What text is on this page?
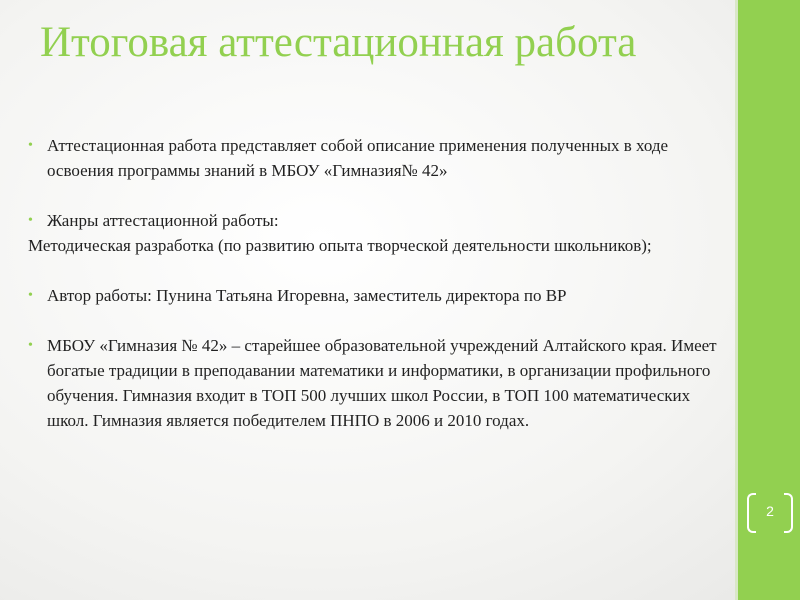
Итоговая аттестационная работа

• Аттестационная работа представляет собой описание применения полученных в ходе освоения программы знаний в МБОУ «Гимназия№ 42»

• Жанры аттестационной работы:

Методическая разработка (по развитию опыта творческой деятельности школьников);

• Автор работы: Пунина Татьяна Игоревна, заместитель директора по ВР

• МБОУ «Гимназия № 42» – старейшее образовательной учреждений Алтайского края. Имеет богатые традиции в преподавании математики и информатики, в организации профильного обучения. Гимназия входит в ТОП 500 лучших школ России, в ТОП 100 математических школ. Гимназия является победителем ПНПО в 2006 и 2010 годах.

2
